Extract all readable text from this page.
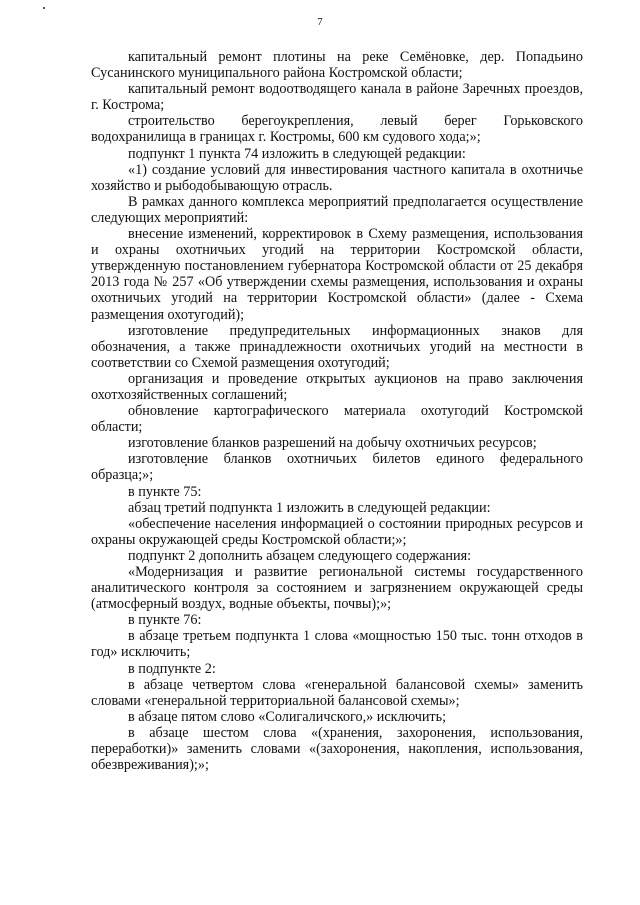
7

капитальный ремонт плотины на реке Семёновке, дер. Попадьино Сусанинского муниципального района Костромской области;

капитальный ремонт водоотводящего канала в районе Заречных проездов, г. Кострома;

строительство берегоукрепления, левый берег Горьковского водохранилища в границах г. Костромы, 600 км судового хода;»;

подпункт 1 пункта 74 изложить в следующей редакции:

«1) создание условий для инвестирования частного капитала в охотничье хозяйство и рыбодобывающую отрасль.

В рамках данного комплекса мероприятий предполагается осуществление следующих мероприятий:

внесение изменений, корректировок в Схему размещения, использования и охраны охотничьих угодий на территории Костромской области, утвержденную постановлением губернатора Костромской области от 25 декабря 2013 года № 257 «Об утверждении схемы размещения, использования и охраны охотничьих угодий на территории Костромской области» (далее - Схема размещения охотугодий);

изготовление предупредительных информационных знаков для обозначения, а также принадлежности охотничьих угодий на местности в соответствии со Схемой размещения охотугодий;

организация и проведение открытых аукционов на право заключения охотхозяйственных соглашений;

обновление картографического материала охотугодий Костромской области;

изготовление бланков разрешений на добычу охотничьих ресурсов;

изготовление бланков охотничьих билетов единого федерального образца;»;

в пункте 75:

абзац третий подпункта 1 изложить в следующей редакции:

«обеспечение населения информацией о состоянии природных ресурсов и охраны окружающей среды Костромской области;»;

подпункт 2 дополнить абзацем следующего содержания:

«Модернизация и развитие региональной системы государственного аналитического контроля за состоянием и загрязнением окружающей среды (атмосферный воздух, водные объекты, почвы);»;

в пункте 76:

в абзаце третьем подпункта 1 слова «мощностью 150 тыс. тонн отходов в год» исключить;

в подпункте 2:

в абзаце четвертом слова «генеральной балансовой схемы» заменить словами «генеральной территориальной балансовой схемы»;

в абзаце пятом слово «Солигаличского,» исключить;

в абзаце шестом слова «(хранения, захоронения, использования, переработки)» заменить словами «(захоронения, накопления, использования, обезвреживания);»;
